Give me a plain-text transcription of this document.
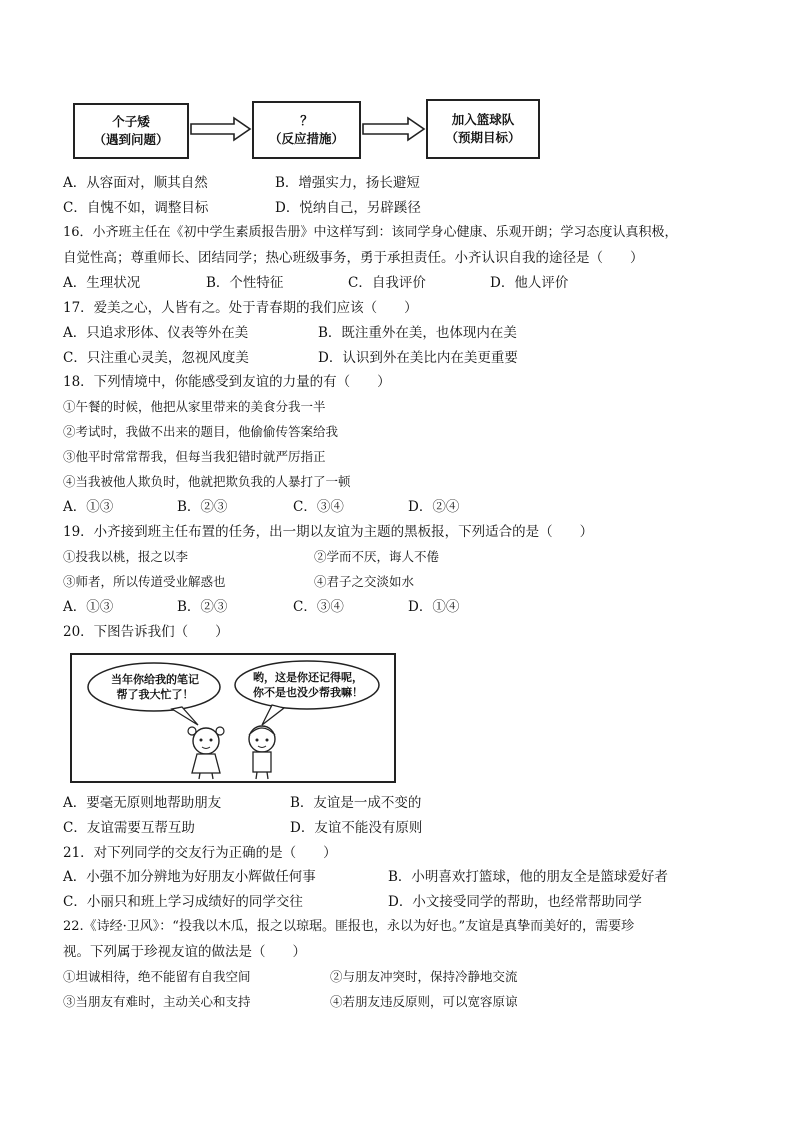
个子矮
（遇到问题）
？
（反应措施）
加入篮球队
（预期目标）
A．从容面对，顺其自然	B．增强实力，扬长避短
C．自愧不如，调整目标	D．悦纳自己，另辟蹊径
16．小齐班主任在《初中学生素质报告册》中这样写到：该同学身心健康、乐观开朗；学习态度认真积极，
自觉性高；尊重师长、团结同学；热心班级事务，勇于承担责任。小齐认识自我的途径是（　　）
A．生理状况	B．个性特征	C．自我评价	D．他人评价
17．爱美之心，人皆有之。处于青春期的我们应该（　　）
A．只追求形体、仪表等外在美	B．既注重外在美，也体现内在美
C．只注重心灵美，忽视风度美	D．认识到外在美比内在美更重要
18．下列情境中，你能感受到友谊的力量的有（　　）
①午餐的时候，他把从家里带来的美食分我一半
②考试时，我做不出来的题目，他偷偷传答案给我
③他平时常常帮我，但每当我犯错时就严厉指正
④当我被他人欺负时，他就把欺负我的人暴打了一顿
A．①③	B．②③	C．③④	D．②④
19．小齐接到班主任布置的任务，出一期以友谊为主题的黑板报，下列适合的是（　　）
①投我以桃，报之以李	②学而不厌，诲人不倦
③师者，所以传道受业解惑也	④君子之交淡如水
A．①③	B．②③	C．③④	D．①④
20．下图告诉我们（　　）
当年你给我的笔记
帮了我大忙了！
哟，这是你还记得呢，
你不是也没少帮我嘛！
A．要毫无原则地帮助朋友	B．友谊是一成不变的
C．友谊需要互帮互助	D．友谊不能没有原则
21．对下列同学的交友行为正确的是（　　）
A．小强不加分辨地为好朋友小辉做任何事	B．小明喜欢打篮球，他的朋友全是篮球爱好者
C．小丽只和班上学习成绩好的同学交往	D．小文接受同学的帮助，也经常帮助同学
22.《诗经·卫风》：“投我以木瓜，报之以琼琚。匪报也，永以为好也。”友谊是真挚而美好的，需要珍
视。下列属于珍视友谊的做法是（　　）
①坦诚相待，绝不能留有自我空间	②与朋友冲突时，保持冷静地交流
③当朋友有难时，主动关心和支持	④若朋友违反原则，可以宽容原谅
